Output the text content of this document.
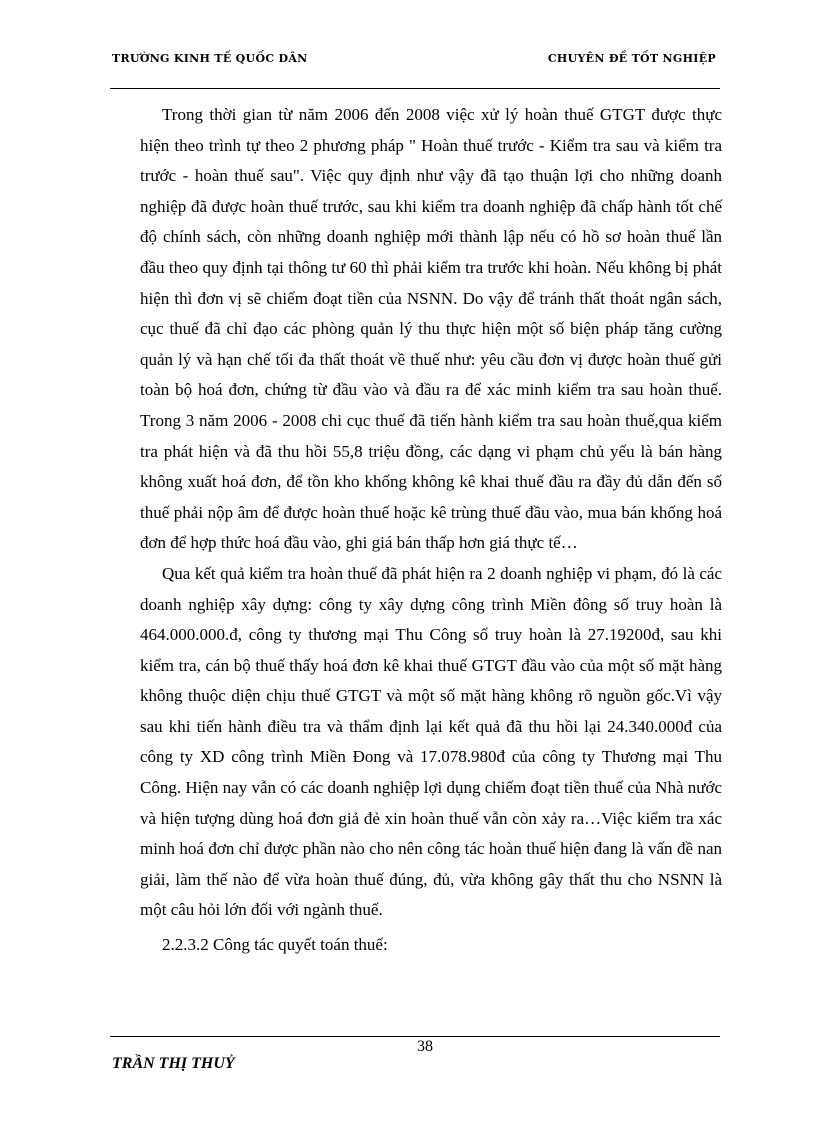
TRƯỜNG KINH TẾ QUỐC DÂN	CHUYÊN ĐỀ TỐT NGHIỆP

Trong thời gian từ năm 2006 đến 2008 việc xử lý hoàn thuế GTGT được thực hiện theo trình tự theo 2 phương pháp " Hoàn thuế trước - Kiểm tra sau và kiểm tra trước - hoàn thuế sau". Việc quy định như vậy đã tạo thuận lợi cho những doanh nghiệp đã được hoàn thuế trước, sau khi kiểm tra doanh nghiệp đã chấp hành tốt chế độ chính sách, còn những doanh nghiệp mới thành lập nếu có hồ sơ hoàn thuế lần đầu theo quy định tại thông tư 60 thì phải kiểm tra trước khi hoàn. Nếu không bị phát hiện thì đơn vị sẽ chiếm đoạt tiền của NSNN. Do vậy để tránh thất thoát ngân sách, cục thuế đã chỉ đạo các phòng quản lý thu thực hiện một số biện pháp tăng cường quản lý và hạn chế tối đa thất thoát về thuế như: yêu cầu đơn vị được hoàn thuế gửi toàn bộ hoá đơn, chứng từ đầu vào và đầu ra để xác minh kiểm tra sau hoàn thuế. Trong 3 năm 2006 - 2008 chi cục thuế đã tiến hành kiểm tra sau hoàn thuế,qua kiểm tra phát hiện và đã thu hồi 55,8 triệu đồng, các dạng vi phạm chủ yếu là bán hàng không xuất hoá đơn, để tồn kho khống không kê khai thuế đầu ra đầy đủ dẫn đến số thuế phải nộp âm để được hoàn thuế hoặc kê trùng thuế đầu vào, mua bán khống hoá đơn để hợp thức hoá đầu vào, ghi giá bán thấp hơn giá thực tế…

Qua kết quả kiểm tra hoàn thuế đã phát hiện ra 2 doanh nghiệp vi phạm, đó là các doanh nghiệp xây dựng: công ty xây dựng công trình Miền đông số truy hoàn là 464.000.000.đ, công ty thương mại Thu Công số truy hoàn là 27.19200đ, sau khi kiểm tra, cán bộ thuế thấy hoá đơn kê khai thuế GTGT đầu vào của một số mặt hàng không thuộc diện chịu thuế GTGT và một số mặt hàng không rõ nguồn gốc.Vì vậy sau khi tiến hành điều tra và thẩm định lại kết quả đã thu hồi lại 24.340.000đ của công ty XD công trình Miền Đong và 17.078.980đ của công ty Thương mại Thu Công. Hiện nay vẫn có các doanh nghiệp lợi dụng chiếm đoạt tiền thuế của Nhà nước và hiện tượng dùng hoá đơn giả đẻ xin hoàn thuế vẫn còn xảy ra…Việc kiểm tra xác minh hoá đơn chỉ được phần nào cho nên công tác hoàn thuế hiện đang là vấn đề nan giải, làm thế nào để vừa hoàn thuế đúng, đủ, vừa không gây thất thu cho NSNN là một câu hỏi lớn đối với ngành thuế.

2.2.3.2 Công tác quyết toán thuế:

38
TRẦN THỊ THUỶ
